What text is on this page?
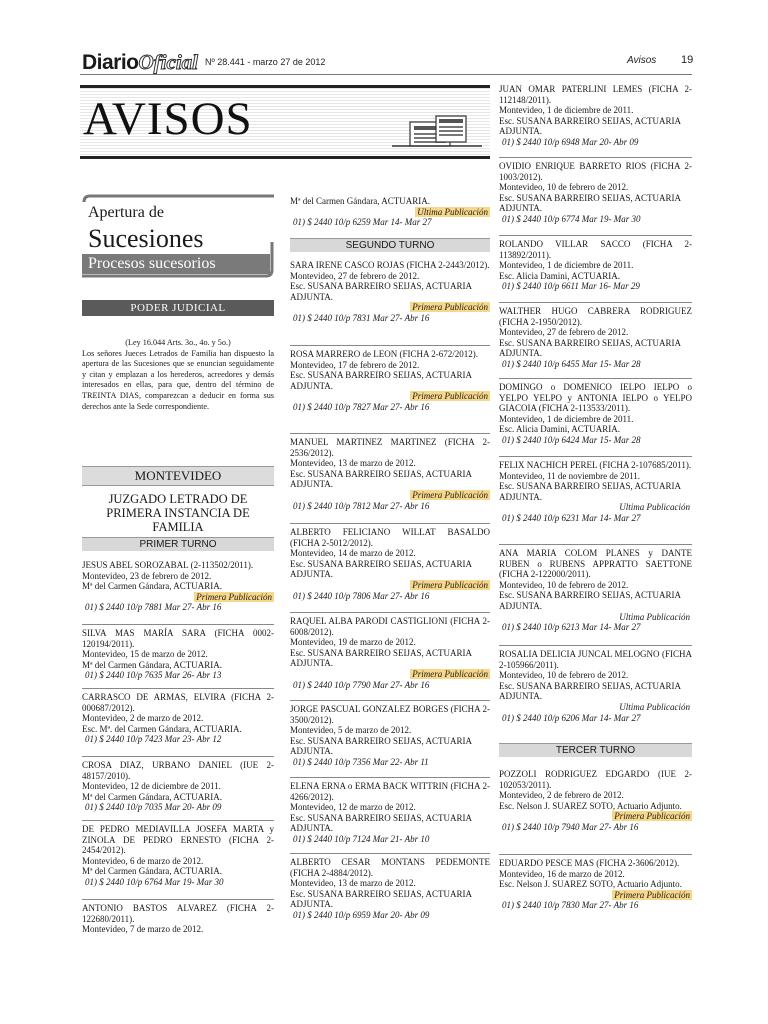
DiarioOficial Nº 28.441 - marzo 27 de 2012	Avisos 19
AVISOS
Apertura de
Sucesiones
Procesos sucesorios
PODER JUDICIAL

(Ley 16.044 Arts. 3o., 4o. y 5o.)

Los señores Jueces Letrados de Familia han dispuesto la apertura de las Sucesiones que se enuncian seguidamente y citan y emplazan a los herederos, acreedores y demás interesados en ellas, para que, dentro del término de TREINTA DIAS, comparezcan a deducir en forma sus derechos ante la Sede correspondiente.

MONTEVIDEO
JUZGADO LETRADO DE PRIMERA INSTANCIA DE FAMILIA
PRIMER TURNO
SEGUNDO TURNO
TERCER TURNO
JESUS ABEL SOROZABAL (2-113502/2011).
Montevideo, 23 de febrero de 2012.
Mª del Carmen Gándara, ACTUARIA.
Primera Publicación
01) $ 2440 10/p 7881 Mar 27- Abr 16
SILVA MAS MARÍA SARA (FICHA 0002-120194/2011).
Montevideo, 15 de marzo de 2012.
Mª del Carmen Gándara, ACTUARIA.
01) $ 2440 10/p 7635 Mar 26- Abr 13
CARRASCO DE ARMAS, ELVIRA (FICHA 2-000687/2012).
Montevideo, 2 de marzo de 2012.
Esc. Mª. del Carmen Gándara, ACTUARIA.
01) $ 2440 10/p 7423 Mar 23- Abr 12
CROSA DIAZ, URBANO DANIEL (IUE 2-48157/2010).
Montevideo, 12 de diciembre de 2011.
Mª del Carmen Gándara, ACTUARIA.
01) $ 2440 10/p 7035 Mar 20- Abr 09
DE PEDRO MEDIAVILLA JOSEFA MARTA y ZINOLA DE PEDRO ERNESTO (FICHA 2-2454/2012).
Montevideo, 6 de marzo de 2012.
Mª del Carmen Gándara, ACTUARIA.
01) $ 2440 10/p 6764 Mar 19- Mar 30
ANTONIO BASTOS ALVAREZ (FICHA 2-122680/2011).
Montevideo, 7 de marzo de 2012.
SARA IRENE CASCO ROJAS (FICHA 2-2443/2012).
Montevideo, 27 de febrero de 2012.
Esc. SUSANA BARREIRO SEIJAS, ACTUARIA ADJUNTA.
Primera Publicación
01) $ 2440 10/p 7831 Mar 27- Abr 16
ROSA MARRERO de LEON (FICHA 2-672/2012).
Montevideo, 17 de febrero de 2012.
Esc. SUSANA BARREIRO SEIJAS, ACTUARIA ADJUNTA.
Primera Publicación
01) $ 2440 10/p 7827 Mar 27- Abr 16
MANUEL MARTINEZ MARTINEZ (FICHA 2-2536/2012).
Montevideo, 13 de marzo de 2012.
Esc. SUSANA BARREIRO SEIJAS, ACTUARIA ADJUNTA.
Primera Publicación
01) $ 2440 10/p 7812 Mar 27- Abr 16
ALBERTO FELICIANO WILLAT BASALDO (FICHA 2-5012/2012).
Montevideo, 14 de marzo de 2012.
Esc. SUSANA BARREIRO SEIJAS, ACTUARIA ADJUNTA.
Primera Publicación
01) $ 2440 10/p 7806 Mar 27- Abr 16
RAQUEL ALBA PARODI CASTIGLIONI (FICHA 2-6008/2012).
Montevideo, 19 de marzo de 2012.
Esc. SUSANA BARREIRO SEIJAS, ACTUARIA ADJUNTA.
Primera Publicación
01) $ 2440 10/p 7790 Mar 27- Abr 16
JORGE PASCUAL GONZALEZ BORGES (FICHA 2-3500/2012).
Montevideo, 5 de marzo de 2012.
Esc. SUSANA BARREIRO SEIJAS, ACTUARIA ADJUNTA.
01) $ 2440 10/p 7356 Mar 22- Abr 11
ELENA ERNA o ERMA BACK WITTRIN (FICHA 2-4266/2012).
Montevideo, 12 de marzo de 2012.
Esc. SUSANA BARREIRO SEIJAS, ACTUARIA ADJUNTA.
01) $ 2440 10/p 7124 Mar 21- Abr 10
ALBERTO CESAR MONTANS PEDEMONTE (FICHA 2-4884/2012).
Montevideo, 13 de marzo de 2012.
Esc. SUSANA BARREIRO SEIJAS, ACTUARIA ADJUNTA.
01) $ 2440 10/p 6959 Mar 20- Abr 09
JUAN OMAR PATERLINI LEMES (FICHA 2-112148/2011).
Montevideo, 1 de diciembre de 2011.
Esc. SUSANA BARREIRO SEIJAS, ACTUARIA ADJUNTA.
01) $ 2440 10/p 6948 Mar 20- Abr 09
OVIDIO ENRIQUE BARRETO RIOS (FICHA 2-1003/2012).
Montevideo, 10 de febrero de 2012.
Esc. SUSANA BARREIRO SEIJAS, ACTUARIA ADJUNTA.
01) $ 2440 10/p 6774 Mar 19- Mar 30
ROLANDO VILLAR SACCO (FICHA 2-113892/2011).
Montevideo, 1 de diciembre de 2011.
Esc. Alicia Damini, ACTUARIA.
01) $ 2440 10/p 6611 Mar 16- Mar 29
WALTHER HUGO CABRERA RODRIGUEZ (FICHA 2-1950/2012).
Montevideo, 27 de febrero de 2012.
Esc. SUSANA BARREIRO SEIJAS, ACTUARIA ADJUNTA.
01) $ 2440 10/p 6455 Mar 15- Mar 28
DOMINGO o DOMENICO IELPO IELPO o YELPO YELPO y ANTONIA IELPO o YELPO GIACOIA (FICHA 2-113533/2011).
Montevideo, 1 de diciembre de 2011.
Esc. Alicia Damini, ACTUARIA.
01) $ 2440 10/p 6424 Mar 15- Mar 28
FELIX NACHICH PEREL (FICHA 2-107685/2011).
Montevideo, 11 de noviembre de 2011.
Esc. SUSANA BARREIRO SEIJAS, ACTUARIA ADJUNTA.
Ultima Publicación
01) $ 2440 10/p 6231 Mar 14- Mar 27
ANA MARIA COLOM PLANES y DANTE RUBEN o RUBENS APPRATTO SAETTONE (FICHA 2-122000/2011).
Montevideo, 10 de febrero de 2012.
Esc. SUSANA BARREIRO SEIJAS, ACTUARIA ADJUNTA.
Ultima Publicación
01) $ 2440 10/p 6213 Mar 14- Mar 27
ROSALIA DELICIA JUNCAL MELOGNO (FICHA 2-105966/2011).
Montevideo, 10 de febrero de 2012.
Esc. SUSANA BARREIRO SEIJAS, ACTUARIA ADJUNTA.
Ultima Publicación
01) $ 2440 10/p 6206 Mar 14- Mar 27
POZZOLI RODRIGUEZ EDGARDO (IUE 2-102053/2011).
Montevideo, 2 de febrero de 2012.
Esc. Nelson J. SUAREZ SOTO, Actuario Adjunto.
Primera Publicación
01) $ 2440 10/p 7940 Mar 27- Abr 16
EDUARDO PESCE MAS (FICHA 2-3606/2012).
Montevideo, 16 de marzo de 2012.
Esc. Nelson J. SUAREZ SOTO, Actuario Adjunto.
Primera Publicación
01) $ 2440 10/p 7830 Mar 27- Abr 16
Mª del Carmen Gándara, ACTUARIA.
Ultima Publicación
01) $ 2440 10/p 6259 Mar 14- Mar 27
